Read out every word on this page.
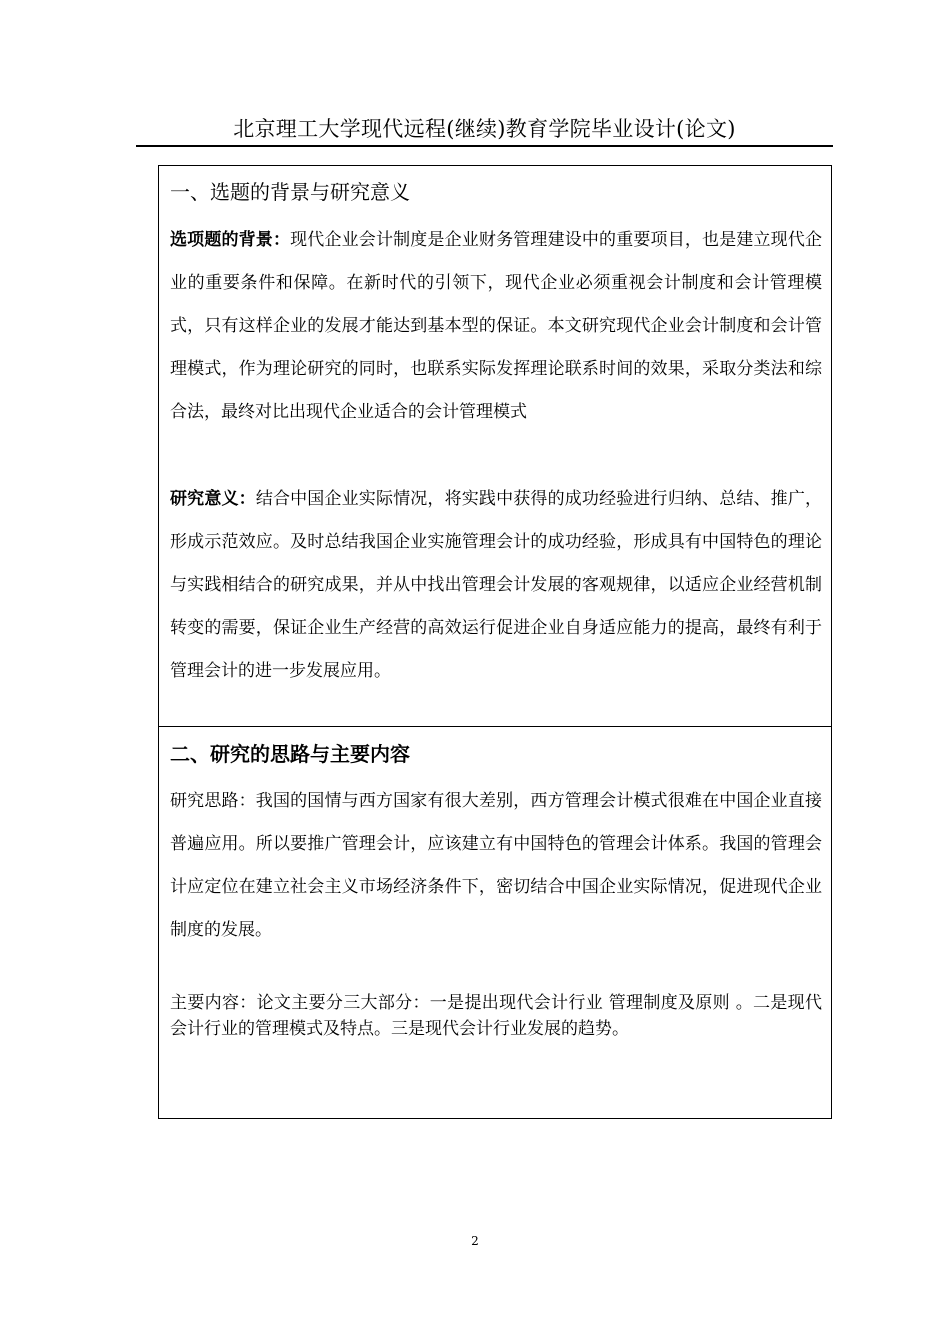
北京理工大学现代远程(继续)教育学院毕业设计(论文)
一、选题的背景与研究意义
选项题的背景：现代企业会计制度是企业财务管理建设中的重要项目，也是建立现代企业的重要条件和保障。在新时代的引领下，现代企业必须重视会计制度和会计管理模式，只有这样企业的发展才能达到基本型的保证。本文研究现代企业会计制度和会计管理模式，作为理论研究的同时，也联系实际发挥理论联系时间的效果，采取分类法和综合法，最终对比出现代企业适合的会计管理模式
研究意义：结合中国企业实际情况，将实践中获得的成功经验进行归纳、总结、推广，形成示范效应。及时总结我国企业实施管理会计的成功经验，形成具有中国特色的理论与实践相结合的研究成果，并从中找出管理会计发展的客观规律，以适应企业经营机制转变的需要，保证企业生产经营的高效运行促进企业自身适应能力的提高，最终有利于管理会计的进一步发展应用。
二、研究的思路与主要内容
研究思路：我国的国情与西方国家有很大差别，西方管理会计模式很难在中国企业直接普遍应用。所以要推广管理会计，应该建立有中国特色的管理会计体系。我国的管理会计应定位在建立社会主义市场经济条件下，密切结合中国企业实际情况，促进现代企业制度的发展。
主要内容：论文主要分三大部分：一是提出现代会计行业 管理制度及原则 。二是现代会计行业的管理模式及特点。三是现代会计行业发展的趋势。
2
